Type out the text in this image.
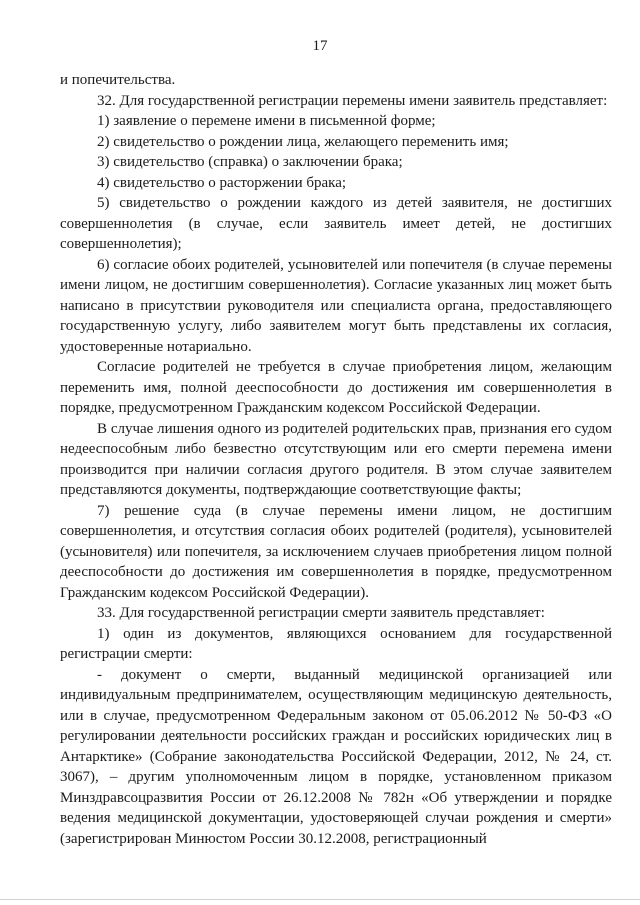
17

и попечительства.

32. Для государственной регистрации перемены имени заявитель представляет:

1) заявление о перемене имени в письменной форме;

2) свидетельство о рождении лица, желающего переменить имя;

3) свидетельство (справка) о заключении брака;

4) свидетельство о расторжении брака;

5) свидетельство о рождении каждого из детей заявителя, не достигших совершеннолетия (в случае, если заявитель имеет детей, не достигших совершеннолетия);

6) согласие обоих родителей, усыновителей или попечителя (в случае перемены имени лицом, не достигшим совершеннолетия). Согласие указанных лиц может быть написано в присутствии руководителя или специалиста органа, предоставляющего государственную услугу, либо заявителем могут быть представлены их согласия, удостоверенные нотариально.

Согласие родителей не требуется в случае приобретения лицом, желающим переменить имя, полной дееспособности до достижения им совершеннолетия в порядке, предусмотренном Гражданским кодексом Российской Федерации.

В случае лишения одного из родителей родительских прав, признания его судом недееспособным либо безвестно отсутствующим или его смерти перемена имени производится при наличии согласия другого родителя. В этом случае заявителем представляются документы, подтверждающие соответствующие факты;

7) решение суда (в случае перемены имени лицом, не достигшим совершеннолетия, и отсутствия согласия обоих родителей (родителя), усыновителей (усыновителя) или попечителя, за исключением случаев приобретения лицом полной дееспособности до достижения им совершеннолетия в порядке, предусмотренном Гражданским кодексом Российской Федерации).

33. Для государственной регистрации смерти заявитель представляет:

1) один из документов, являющихся основанием для государственной регистрации смерти:

- документ о смерти, выданный медицинской организацией или индивидуальным предпринимателем, осуществляющим медицинскую деятельность, или в случае, предусмотренном Федеральным законом от 05.06.2012 № 50-ФЗ «О регулировании деятельности российских граждан и российских юридических лиц в Антарктике» (Собрание законодательства Российской Федерации, 2012, № 24, ст. 3067), – другим уполномоченным лицом в порядке, установленном приказом Минздравсоцразвития России от 26.12.2008 № 782н «Об утверждении и порядке ведения медицинской документации, удостоверяющей случаи рождения и смерти» (зарегистрирован Минюстом России 30.12.2008, регистрационный
